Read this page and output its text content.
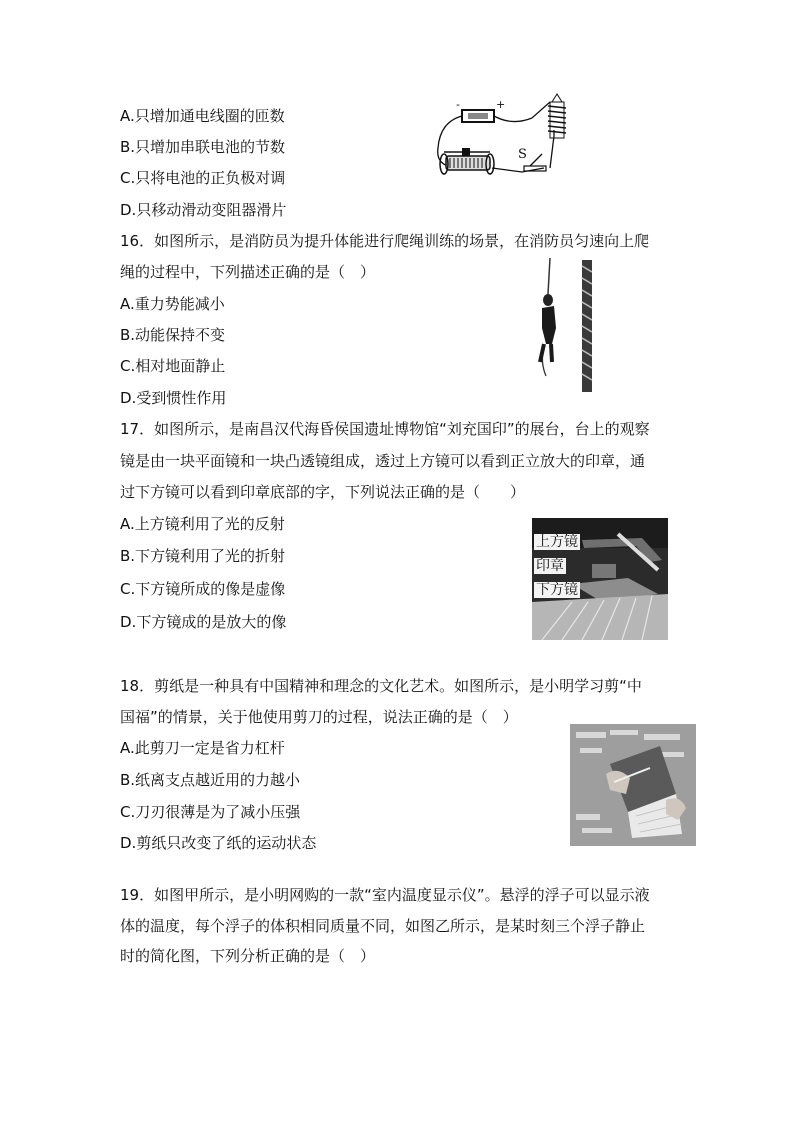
A.只增加通电线圈的匝数
B.只增加串联电池的节数
C.只将电池的正负极对调
D.只移动滑动变阻器滑片
-	+
S
16．如图所示，是消防员为提升体能进行爬绳训练的场景，在消防员匀速向上爬
绳的过程中，下列描述正确的是（　）
A.重力势能减小
B.动能保持不变
C.相对地面静止
D.受到惯性作用
17．如图所示，是南昌汉代海昏侯国遗址博物馆“刘充国印”的展台，台上的观察
镜是由一块平面镜和一块凸透镜组成，透过上方镜可以看到正立放大的印章，通
过下方镜可以看到印章底部的字，下列说法正确的是（　　）
A.上方镜利用了光的反射
B.下方镜利用了光的折射
C.下方镜所成的像是虚像
D.下方镜成的是放大的像
上方镜
印章
下方镜
18．剪纸是一种具有中国精神和理念的文化艺术。如图所示，是小明学习剪“中
国福”的情景，关于他使用剪刀的过程，说法正确的是（　）
A.此剪刀一定是省力杠杆
B.纸离支点越近用的力越小
C.刀刃很薄是为了减小压强
D.剪纸只改变了纸的运动状态
19．如图甲所示，是小明网购的一款“室内温度显示仪”。悬浮的浮子可以显示液
体的温度，每个浮子的体积相同质量不同，如图乙所示，是某时刻三个浮子静止
时的简化图，下列分析正确的是（　）
